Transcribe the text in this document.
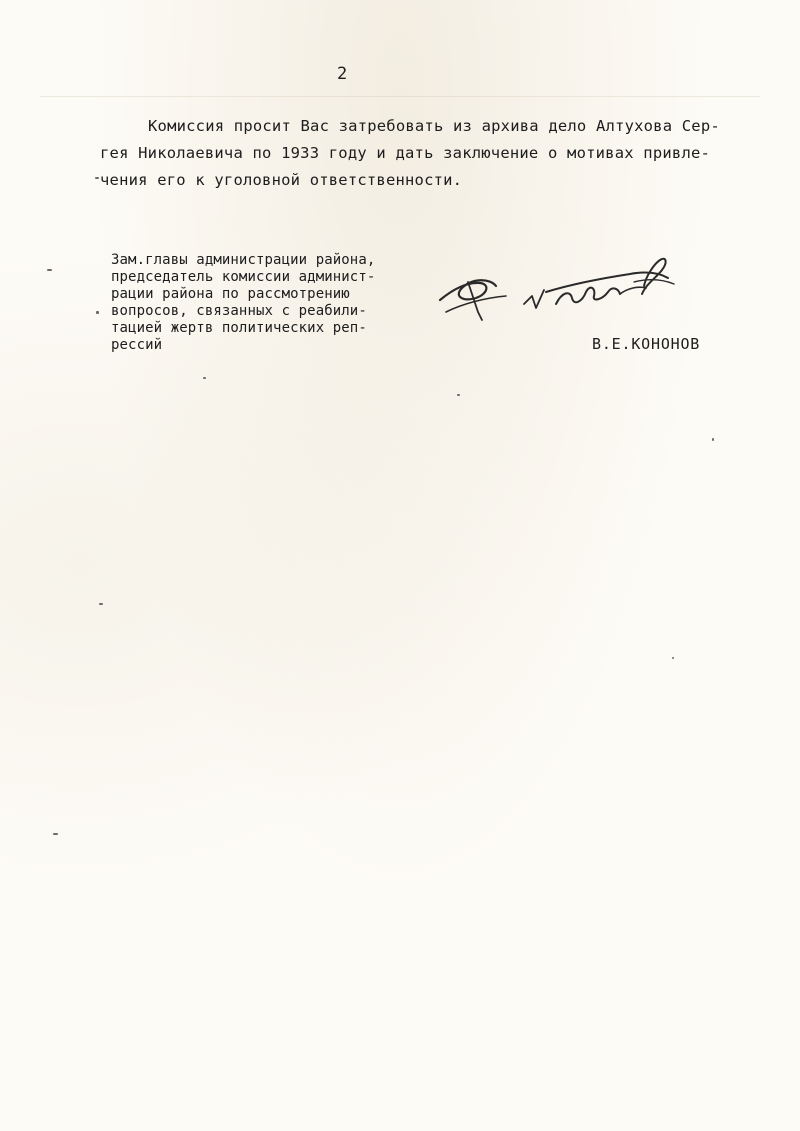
2
Комиссия просит Вас затребовать из архива дело Алтухова Сер-
гея Николаевича по 1933 году и дать заключение о мотивах привле-
чения его к уголовной ответственности.
Зам.главы администрации района,
председатель комиссии админист-
рации района по рассмотрению
вопросов, связанных с реабили-
тацией жертв политических реп-
рессий	В.Е.КОНОНОВ
